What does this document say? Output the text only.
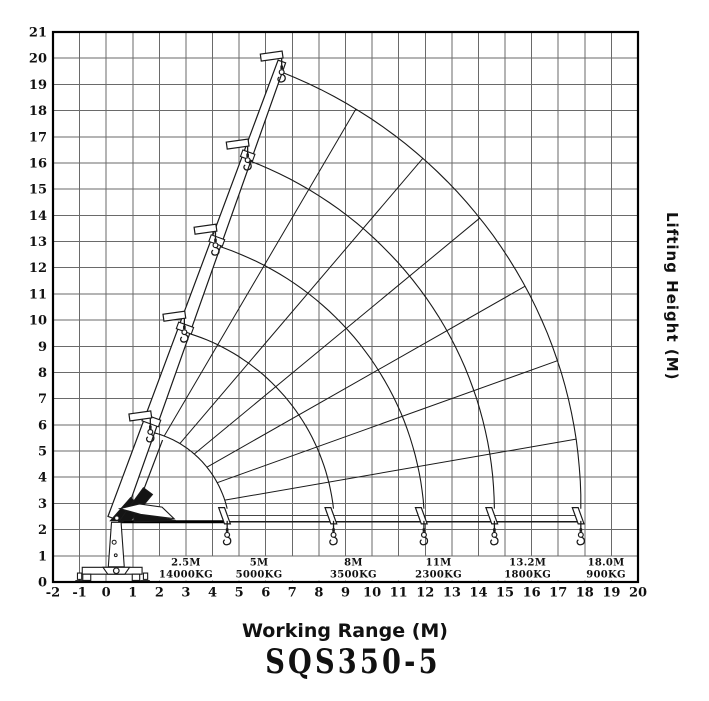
-2 -1 0 1 2 3 4 5 6 7 8 9 10 11 12 13 14 15 16 17 18 19 20
0
1
2
3
4
5
6
7
8
9
10
11
12
13
14
15
16
17
18
19
20
21
2.5M
14000KG
5M
5000KG
8M
3500KG
11M
2300KG
13.2M
1800KG
18.0M
900KG
Working Range (M)
SQS350-5
Lifting Height (M)
